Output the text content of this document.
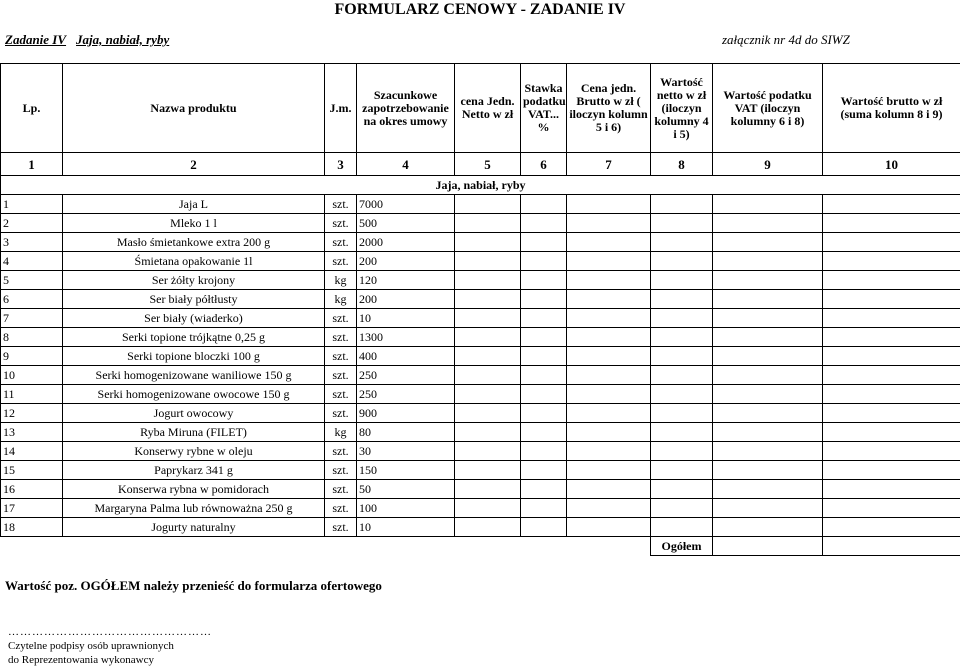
FORMULARZ CENOWY - ZADANIE IV
Zadanie IV Jaja, nabiał, ryby	załącznik nr 4d do SIWZ
Lp.	Nazwa produktu	J.m.	Szacunkowe zapotrzebowanie na okres umowy	cena Jedn. Netto w zł	Stawka podatku VAT... %	Cena jedn. Brutto w zł ( iloczyn kolumn 5 i 6)	Wartość netto w zł (iloczyn kolumny 4 i 5)	Wartość podatku VAT (iloczyn kolumny 6 i 8)	Wartość brutto w zł (suma kolumn 8 i 9)
1	2	3	4	5	6	7	8	9	10
Jaja, nabiał, ryby									
1	Jaja L	szt.	7000						
2	Mleko 1 l	szt.	500						
3	Masło śmietankowe extra 200 g	szt.	2000						
4	Śmietana opakowanie 1l	szt.	200						
5	Ser żółty krojony	kg	120						
6	Ser biały półtłusty	kg	200						
7	Ser biały (wiaderko)	szt.	10						
8	Serki topione trójkątne 0,25 g	szt.	1300						
9	Serki topione bloczki 100 g	szt.	400						
10	Serki homogenizowane waniliowe 150 g	szt.	250						
11	Serki homogenizowane owocowe 150 g	szt.	250						
12	Jogurt owocowy	szt.	900						
13	Ryba Miruna (FILET)	kg	80						
14	Konserwy rybne w oleju	szt.	30						
15	Paprykarz 341 g	szt.	150						
16	Konserwa rybna w pomidorach	szt.	50						
17	Margaryna Palma lub równoważna 250 g	szt.	100						
18	Jogurty naturalny	szt.	10						
							Ogółem		
Wartość poz. OGÓŁEM należy przenieść do formularza ofertowego
……………………………………………
Czytelne podpisy osób uprawnionych
do Reprezentowania wykonawcy
